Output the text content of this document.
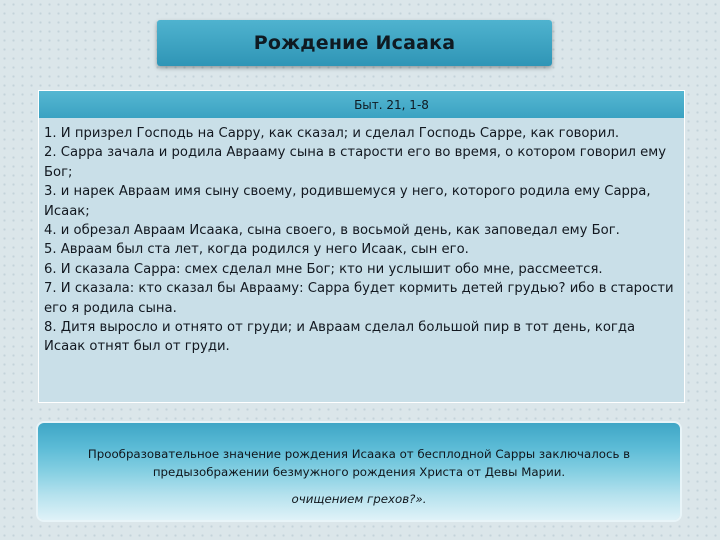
Рождение Исаака
Быт. 21, 1-8
1. И призрел Господь на Сарру, как сказал; и сделал Господь Сарре, как говорил.
2. Сарра зачала и родила Аврааму сына в старости его во время, о котором говорил ему Бог;
3. и нарек Авраам имя сыну своему, родившемуся у него, которого родила ему Сарра, Исаак;
4. и обрезал Авраам Исаака, сына своего, в восьмой день, как заповедал ему Бог.
5. Авраам был ста лет, когда родился у него Исаак, сын его.
6. И сказала Сарра: смех сделал мне Бог; кто ни услышит обо мне, рассмеется.
7. И сказала: кто сказал бы Аврааму: Сарра будет кормить детей грудью? ибо в старости его я родила сына.
8. Дитя выросло и отнято от груди; и Авраам сделал большой пир в тот день, когда Исаак отнят был от груди.
Прообразовательное значение рождения Исаака от бесплодной Сарры заключалось в предызображении безмужного рождения Христа от Девы Марии.
очищением грехов?».
